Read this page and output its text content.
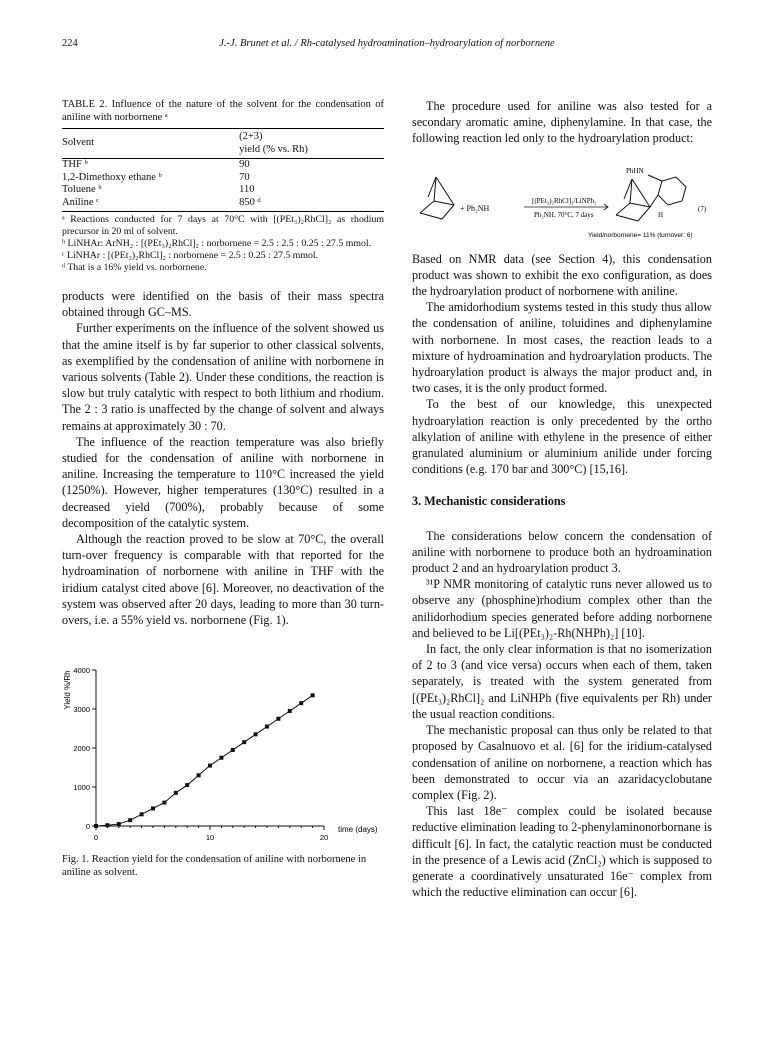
224	J.-J. Brunet et al. / Rh-catalysed hydroamination–hydroarylation of norbornene
TABLE 2. Influence of the nature of the solvent for the condensation of aniline with norbornene ᵃ
Solvent	(2+3)
yield (% vs. Rh)

THF ᵇ	90
1,2-Dimethoxy ethane ᵇ	70
Toluene ᵇ	110
Aniline ᶜ	850 ᵈ
ᵃ Reactions conducted for 7 days at 70°C with [(PEt₃)₂RhCl]₂ as rhodium precursor in 20 ml of solvent.
ᵇ LiNHAr: ArNH₂ : [(PEt₃)₂RhCl]₂ : norbornene = 2.5 : 2.5 : 0.25 : 27.5 mmol.
ᶜ LiNHAr : [(PEt₃)₂RhCl]₂ : norbornene = 2.5 : 0.25 : 27.5 mmol.
ᵈ That is a 16% yield vs. norbornene.

products were identified on the basis of their mass spectra obtained through GC–MS.

Further experiments on the influence of the solvent showed us that the amine itself is by far superior to other classical solvents, as exemplified by the condensation of aniline with norbornene in various solvents (Table 2). Under these conditions, the reaction is slow but truly catalytic with respect to both lithium and rhodium. The 2 : 3 ratio is unaffected by the change of solvent and always remains at approximately 30 : 70.

The influence of the reaction temperature was also briefly studied for the condensation of aniline with norbornene in aniline. Increasing the temperature to 110°C increased the yield (1250%). However, higher temperatures (130°C) resulted in a decreased yield (700%), probably because of some decomposition of the catalytic system.

Although the reaction proved to be slow at 70°C, the overall turn-over frequency is comparable with that reported for the hydroamination of norbornene with aniline in THF with the iridium catalyst cited above [6]. Moreover, no deactivation of the system was observed after 20 days, leading to more than 30 turn-overs, i.e. a 55% yield vs. norbornene (Fig. 1).

Yield %/Rh
0
1000
2000
3000
4000
0	10	20
time (days)
Fig. 1. Reaction yield for the condensation of aniline with norbornene in aniline as solvent.

The procedure used for aniline was also tested for a secondary aromatic amine, diphenylamine. In that case, the following reaction led only to the hydroarylation product:

+ Ph₂NH
[(PEt₃)₂RhCl]₂/LiNPh₂
Ph₂NH, 70°C, 7 days
PhHN
H
(7)
Yield/norbornene= 11% (turnover: 6)

Based on NMR data (see Section 4), this condensation product was shown to exhibit the exo configuration, as does the hydroarylation product of norbornene with aniline.

The amidorhodium systems tested in this study thus allow the condensation of aniline, toluidines and diphenylamine with norbornene. In most cases, the reaction leads to a mixture of hydroamination and hydroarylation products. The hydroarylation product is always the major product and, in two cases, it is the only product formed.

To the best of our knowledge, this unexpected hydroarylation reaction is only precedented by the ortho alkylation of aniline with ethylene in the presence of either granulated aluminium or aluminium anilide under forcing conditions (e.g. 170 bar and 300°C) [15,16].

3. Mechanistic considerations

The considerations below concern the condensation of aniline with norbornene to produce both an hydroamination product 2 and an hydroarylation product 3.

³¹P NMR monitoring of catalytic runs never allowed us to observe any (phosphine)rhodium complex other than the anilidorhodium species generated before adding norbornene and believed to be Li[(PEt₃)₂-Rh(NHPh)₂] [10].

In fact, the only clear information is that no isomerization of 2 to 3 (and vice versa) occurs when each of them, taken separately, is treated with the system generated from [(PEt₃)₂RhCl]₂ and LiNHPh (five equivalents per Rh) under the usual reaction conditions.

The mechanistic proposal can thus only be related to that proposed by Casalnuovo et al. [6] for the iridium-catalysed condensation of aniline on norbornene, a reaction which has been demonstrated to occur via an azaridacyclobutane complex (Fig. 2).

This last 18e⁻ complex could be isolated because reductive elimination leading to 2-phenylaminonorbornane is difficult [6]. In fact, the catalytic reaction must be conducted in the presence of a Lewis acid (ZnCl₂) which is supposed to generate a coordinatively unsaturated 16e⁻ complex from which the reductive elimination can occur [6].
